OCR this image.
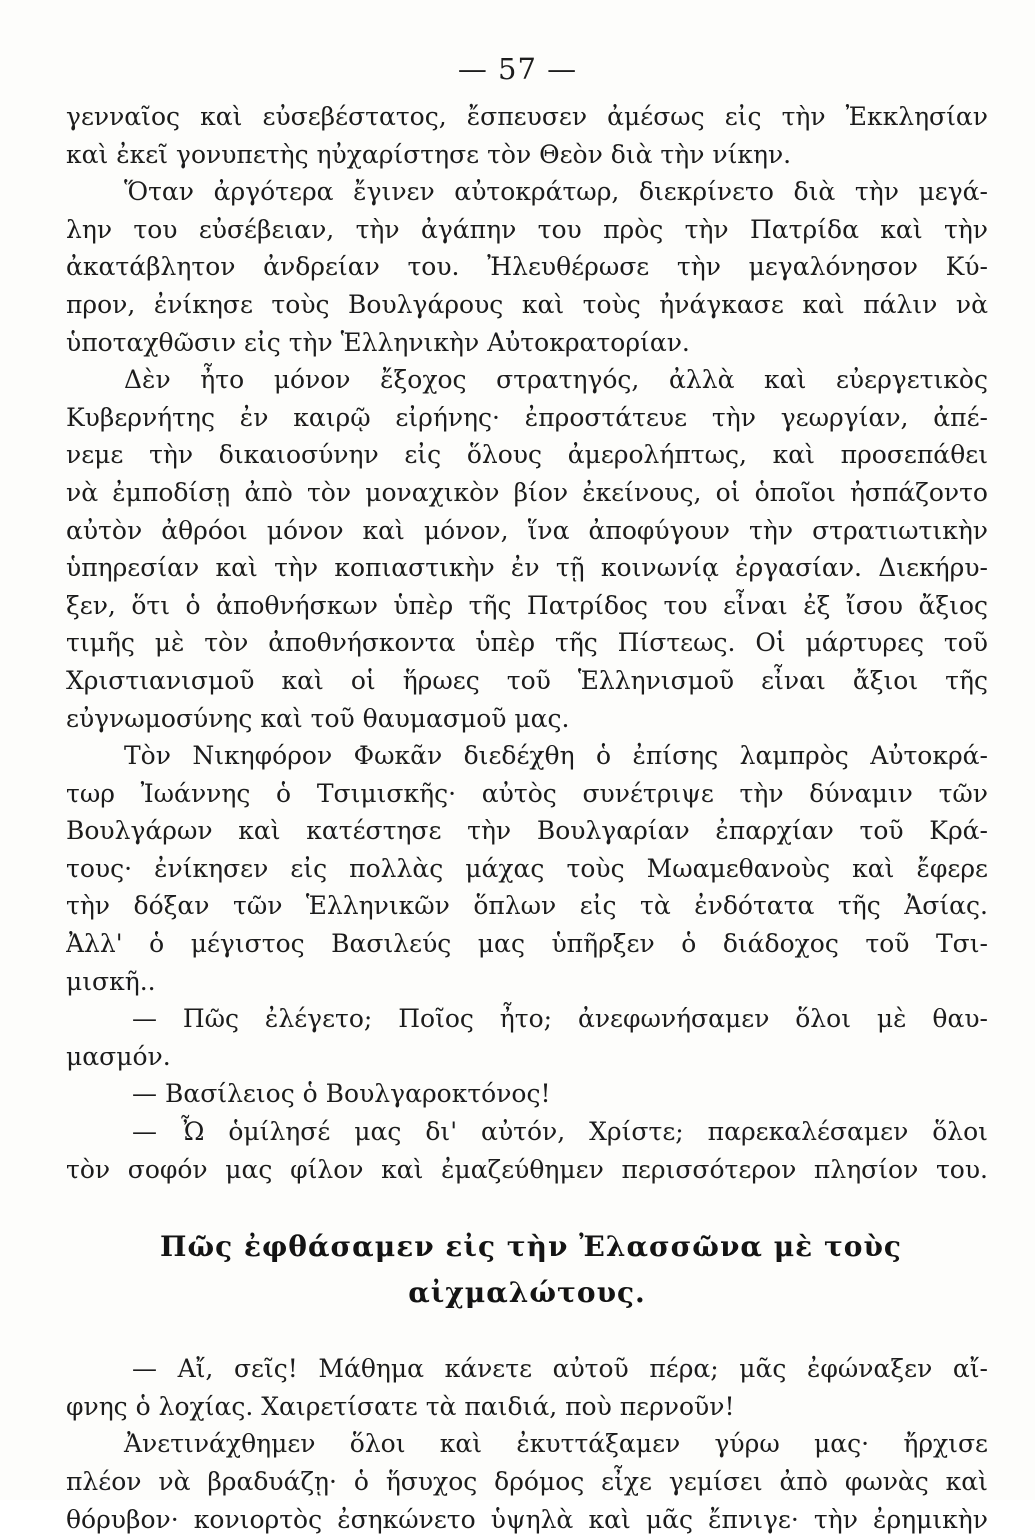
— 57 —
γενναῖος καὶ εὐσεβέστατος, ἔσπευσεν ἀμέσως εἰς τὴν Ἐκκλησίαν
καὶ ἐκεῖ γονυπετὴς ηὐχαρίστησε τὸν Θεὸν διὰ τὴν νίκην.
Ὅταν ἀργότερα ἔγινεν αὐτοκράτωρ, διεκρίνετο διὰ τὴν μεγά-
λην του εὐσέβειαν, τὴν ἀγάπην του πρὸς τὴν Πατρίδα καὶ τὴν
ἀκατάβλητον ἀνδρείαν του. Ἠλευθέρωσε τὴν μεγαλόνησον Κύ-
προν, ἐνίκησε τοὺς Βουλγάρους καὶ τοὺς ἠνάγκασε καὶ πάλιν νὰ
ὑποταχθῶσιν εἰς τὴν Ἑλληνικὴν Αὐτοκρατορίαν.
Δὲν ἦτο μόνον ἔξοχος στρατηγός, ἀλλὰ καὶ εὐεργετικὸς
Κυβερνήτης ἐν καιρῷ εἰρήνης· ἐπροστάτευε τὴν γεωργίαν, ἀπέ-
νεμε τὴν δικαιοσύνην εἰς ὅλους ἀμερολήπτως, καὶ προσεπάθει
νὰ ἐμποδίσῃ ἀπὸ τὸν μοναχικὸν βίον ἐκείνους, οἱ ὁποῖοι ἠσπάζοντο
αὐτὸν ἀθρόοι μόνον καὶ μόνον, ἵνα ἀποφύγουν τὴν στρατιωτικὴν
ὑπηρεσίαν καὶ τὴν κοπιαστικὴν ἐν τῇ κοινωνίᾳ ἐργασίαν. Διεκήρυ-
ξεν, ὅτι ὁ ἀποθνήσκων ὑπὲρ τῆς Πατρίδος του εἶναι ἐξ ἴσου ἄξιος
τιμῆς μὲ τὸν ἀποθνήσκοντα ὑπὲρ τῆς Πίστεως. Οἱ μάρτυρες τοῦ
Χριστιανισμοῦ καὶ οἱ ἥρωες τοῦ Ἑλληνισμοῦ εἶναι ἄξιοι τῆς
εὐγνωμοσύνης καὶ τοῦ θαυμασμοῦ μας.
Τὸν Νικηφόρον Φωκᾶν διεδέχθη ὁ ἐπίσης λαμπρὸς Αὐτοκρά-
τωρ Ἰωάννης ὁ Τσιμισκῆς· αὐτὸς συνέτριψε τὴν δύναμιν τῶν
Βουλγάρων καὶ κατέστησε τὴν Βουλγαρίαν ἐπαρχίαν τοῦ Κρά-
τους· ἐνίκησεν εἰς πολλὰς μάχας τοὺς Μωαμεθανοὺς καὶ ἔφερε
τὴν δόξαν τῶν Ἑλληνικῶν ὅπλων εἰς τὰ ἐνδότατα τῆς Ἀσίας.
Ἀλλ' ὁ μέγιστος Βασιλεύς μας ὑπῆρξεν ὁ διάδοχος τοῦ Τσι-
μισκῆ..
— Πῶς ἐλέγετο; Ποῖος ἦτο; ἀνεφωνήσαμεν ὅλοι μὲ θαυ-
μασμόν.
— Βασίλειος ὁ Βουλγαροκτόνος!
— Ὦ ὁμίλησέ μας δι' αὐτόν, Χρίστε; παρεκαλέσαμεν ὅλοι
τὸν σοφόν μας φίλον καὶ ἐμαζεύθημεν περισσότερον πλησίον του.
Πῶς ἐφθάσαμεν εἰς τὴν Ἐλασσῶνα μὲ τοὺς
αἰχμαλώτους.
— Αἴ, σεῖς! Μάθημα κάνετε αὐτοῦ πέρα; μᾶς ἐφώναξεν αἴ-
φνης ὁ λοχίας. Χαιρετίσατε τὰ παιδιά, ποὺ περνοῦν!
Ἀνετινάχθημεν ὅλοι καὶ ἐκυττάξαμεν γύρω μας· ἤρχισε
πλέον νὰ βραδυάζῃ· ὁ ἥσυχος δρόμος εἶχε γεμίσει ἀπὸ φωνὰς καὶ
θόρυβον· κονιορτὸς ἐσηκώνετο ὑψηλὰ καὶ μᾶς ἔπνιγε· τὴν ἐρημικὴν
